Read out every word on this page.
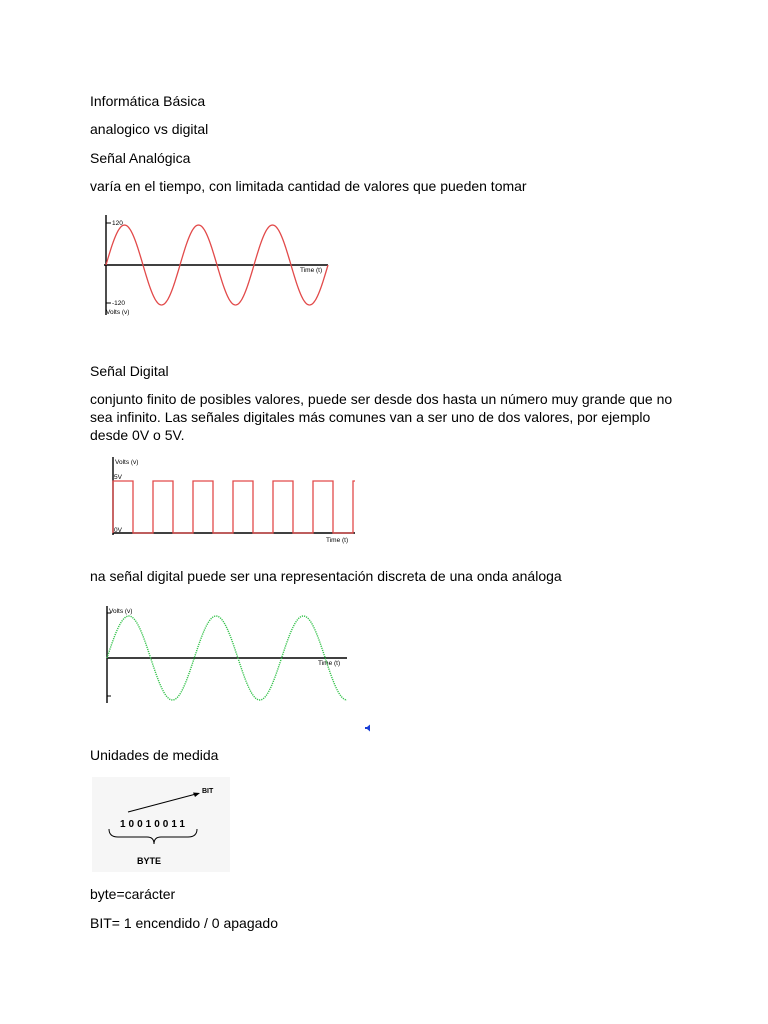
Informática Básica

analogico vs digital

Señal Analógica

varía en el tiempo, con limitada cantidad de valores que pueden tomar

120
-120
Volts (v)
Time (t)

Señal Digital

conjunto finito de posibles valores, puede ser desde dos hasta un número muy grande que no sea infinito. Las señales digitales más comunes van a ser uno de dos valores, por ejemplo desde 0V o 5V.

Volts (v)
5V
0V
Time (t)

na señal digital puede ser una representación discreta de una onda análoga

Volts (v)
Time (t)

Unidades de medida

BIT
10010011
BYTE

byte=carácter

BIT= 1 encendido / 0 apagado
